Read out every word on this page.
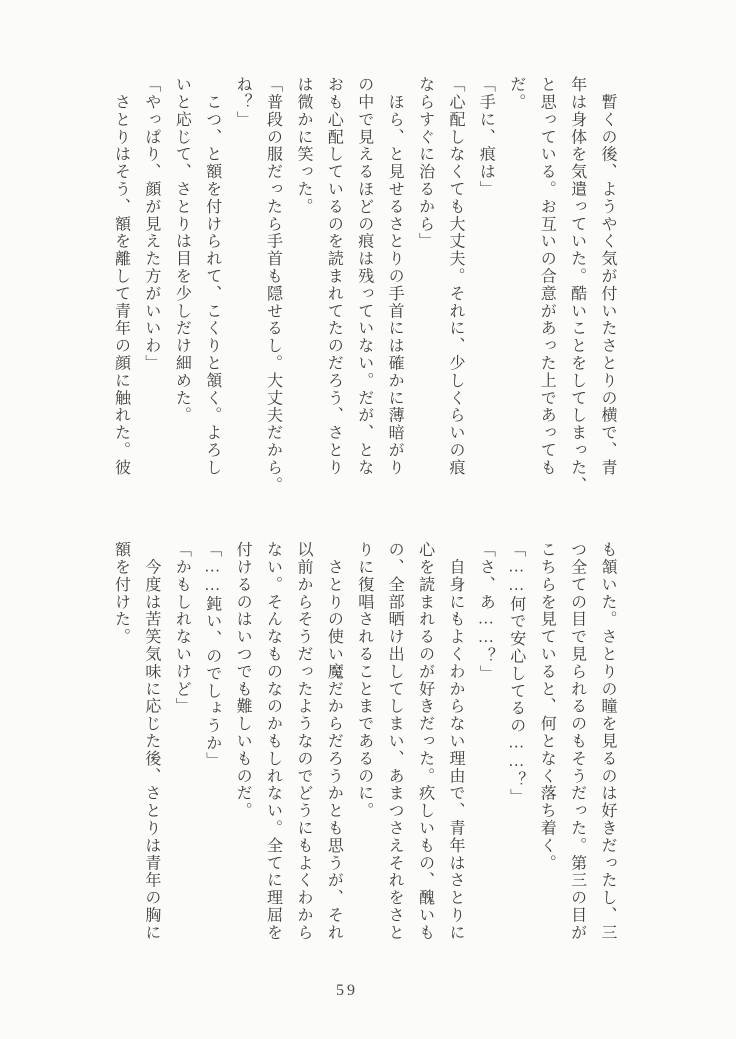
　暫くの後、ようやく気が付いたさとりの横で、青
年は身体を気遣っていた。酷いことをしてしまった、
と思っている。お互いの合意があった上であっても
だ。
「手に、痕は」
「心配しなくても大丈夫。それに、少しくらいの痕
ならすぐに治るから」
　ほら、と見せるさとりの手首には確かに薄暗がり
の中で見えるほどの痕は残っていない。だが、とな
おも心配しているのを読まれてたのだろう、さとり
は微かに笑った。
「普段の服だったら手首も隠せるし。大丈夫だから。
ね？」
　こつ、と額を付けられて、こくりと頷く。よろし
いと応じて、さとりは目を少しだけ細めた。
「やっぱり、顔が見えた方がいいわ」
　さとりはそう、額を離して青年の顔に触れた。彼
も頷いた。さとりの瞳を見るのは好きだったし、三
つ全ての目で見られるのもそうだった。第三の目が
こちらを見ていると、何となく落ち着く。
「……何で安心してるの……？」
「さ、あ……？」
　自身にもよくわからない理由で、青年はさとりに
心を読まれるのが好きだった。疚しいもの、醜いも
の、全部晒け出してしまい、あまつさえそれをさと
りに復唱されることまであるのに。
　さとりの使い魔だからだろうかとも思うが、それ
以前からそうだったようなのでどうにもよくわから
ない。そんなものなのかもしれない。全てに理屈を
付けるのはいつでも難しいものだ。
「……鈍い、のでしょうか」
「かもしれないけど」
　今度は苦笑気味に応じた後、さとりは青年の胸に
額を付けた。
59
